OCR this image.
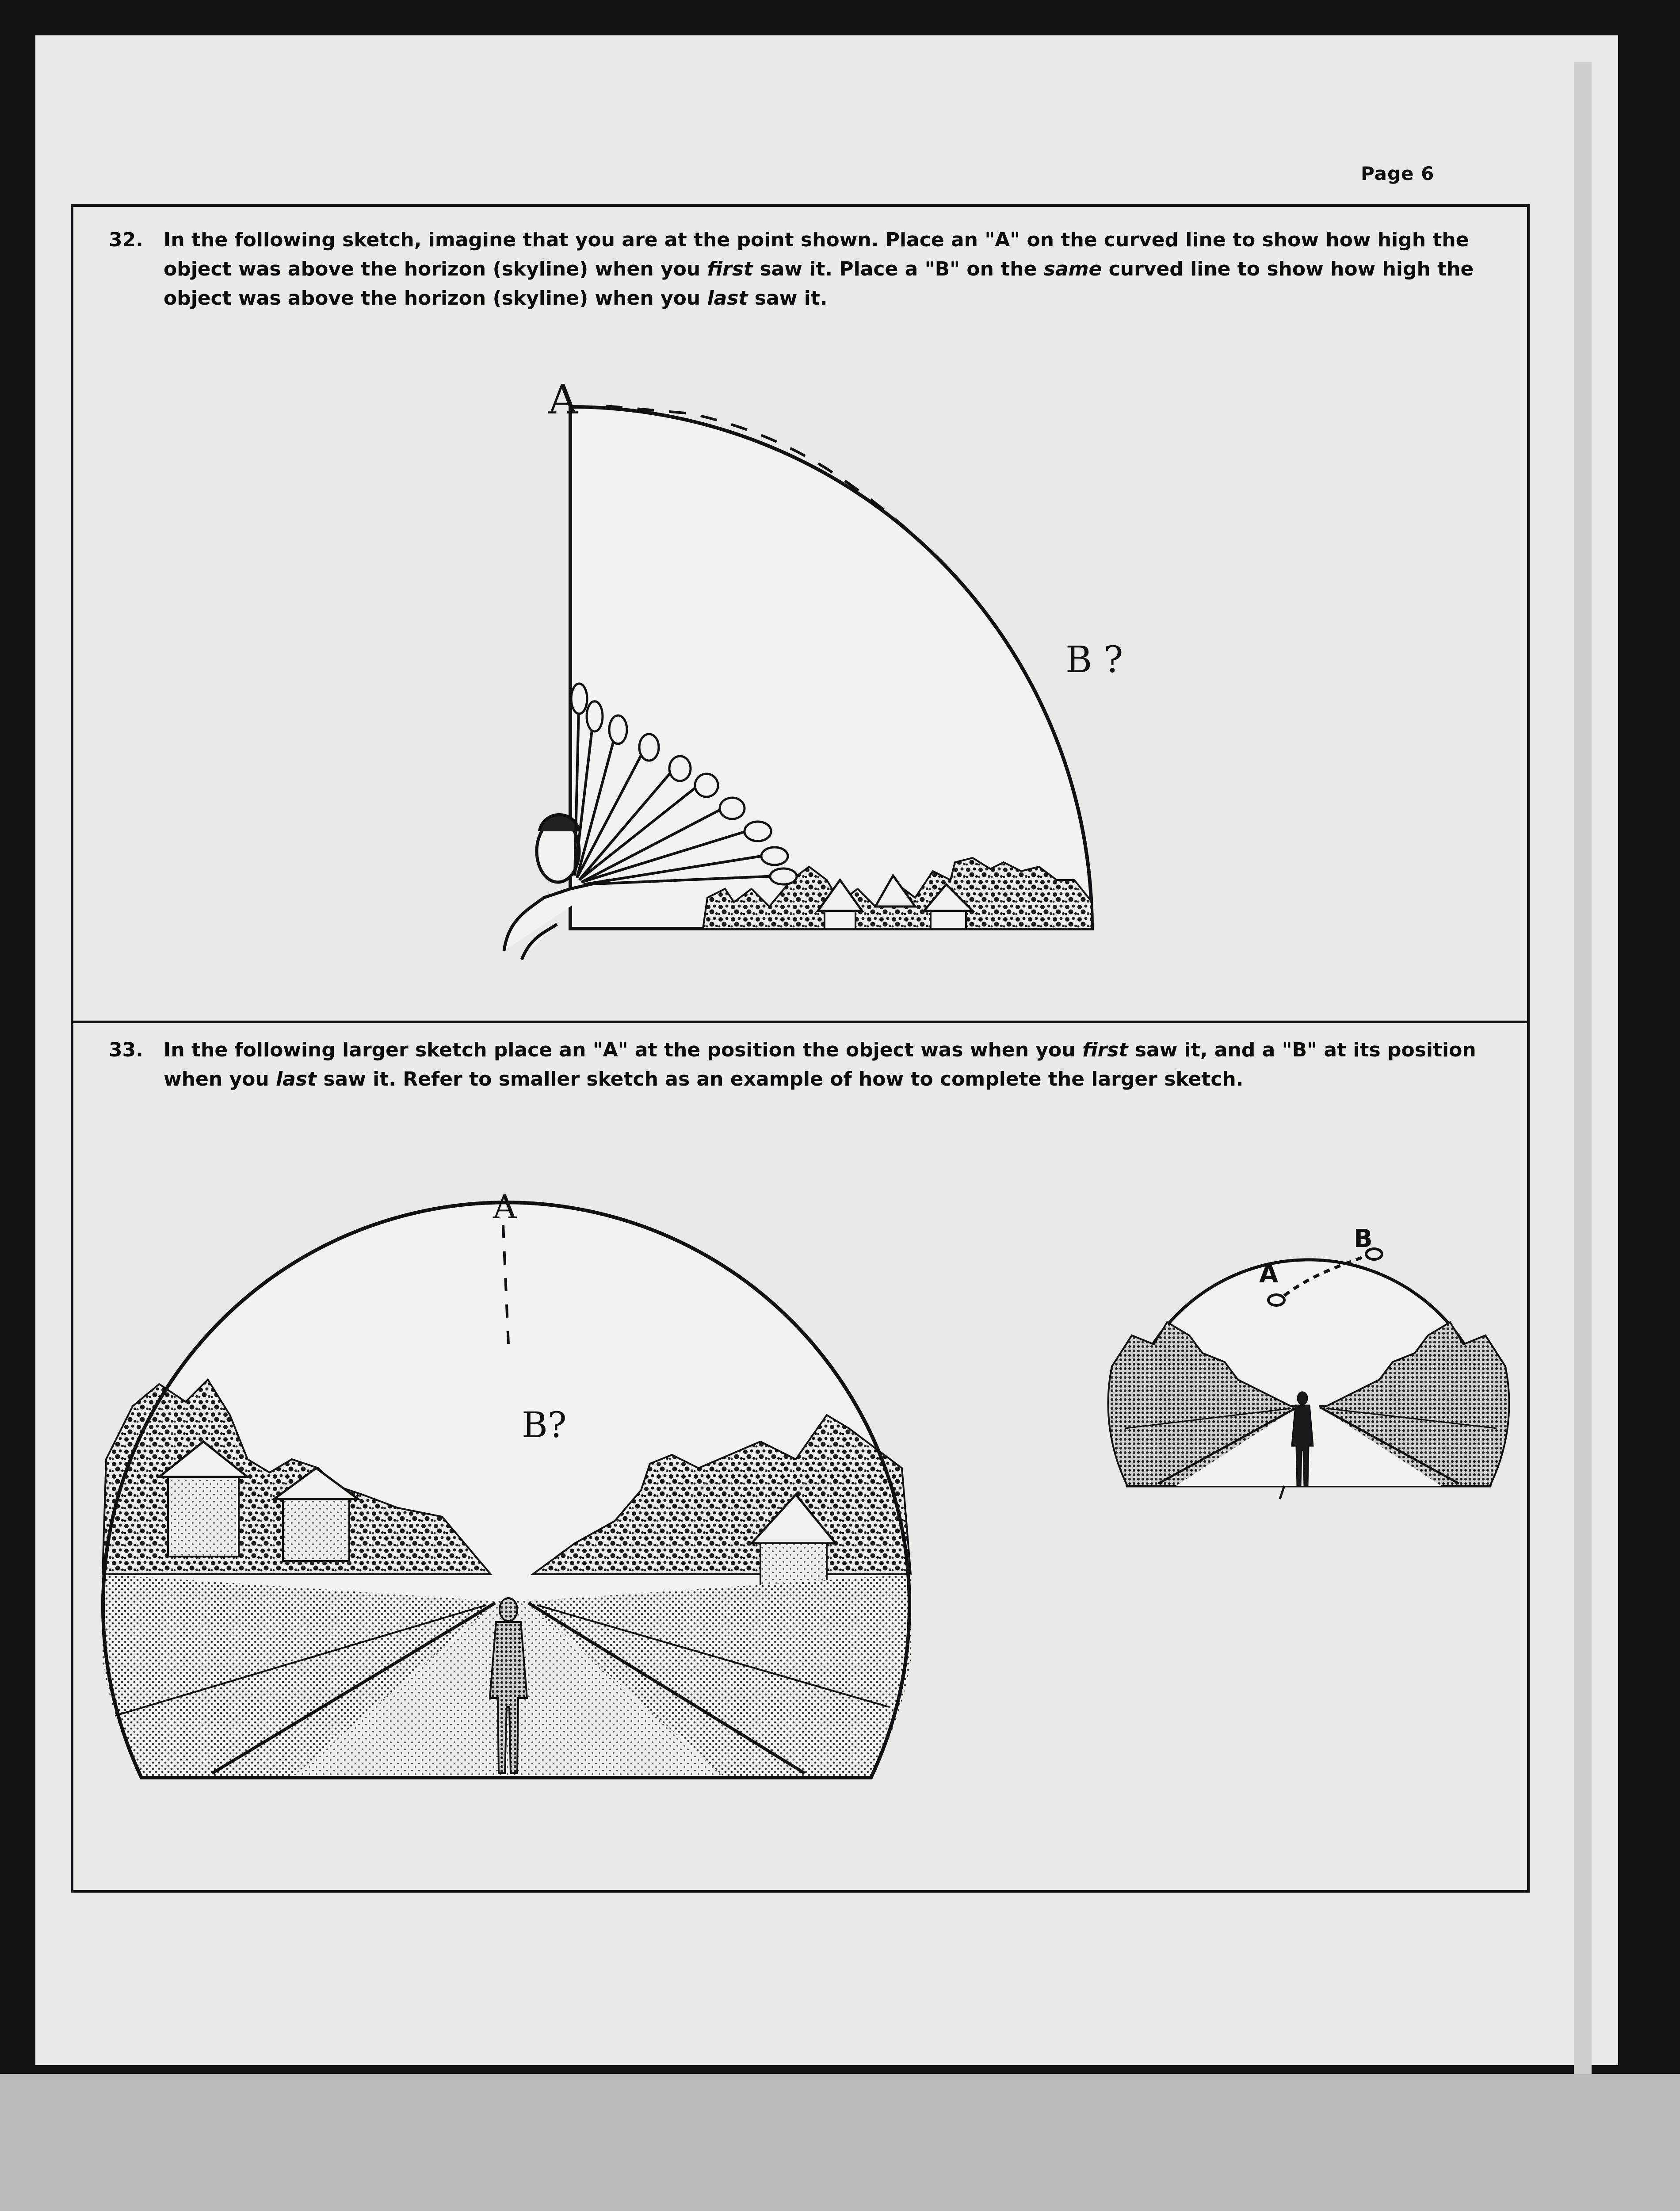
Page 6
32. In the following sketch, imagine that you are at the point shown. Place an "A" on the curved line to show how high the object was above the horizon (skyline) when you first saw it. Place a "B" on the same curved line to show how high the object was above the horizon (skyline) when you last saw it.
33. In the following larger sketch place an "A" at the position the object was when you first saw it, and a "B" at its position when you last saw it. Refer to smaller sketch as an example of how to complete the larger sketch.
A
B ?
A
B?
A
B
